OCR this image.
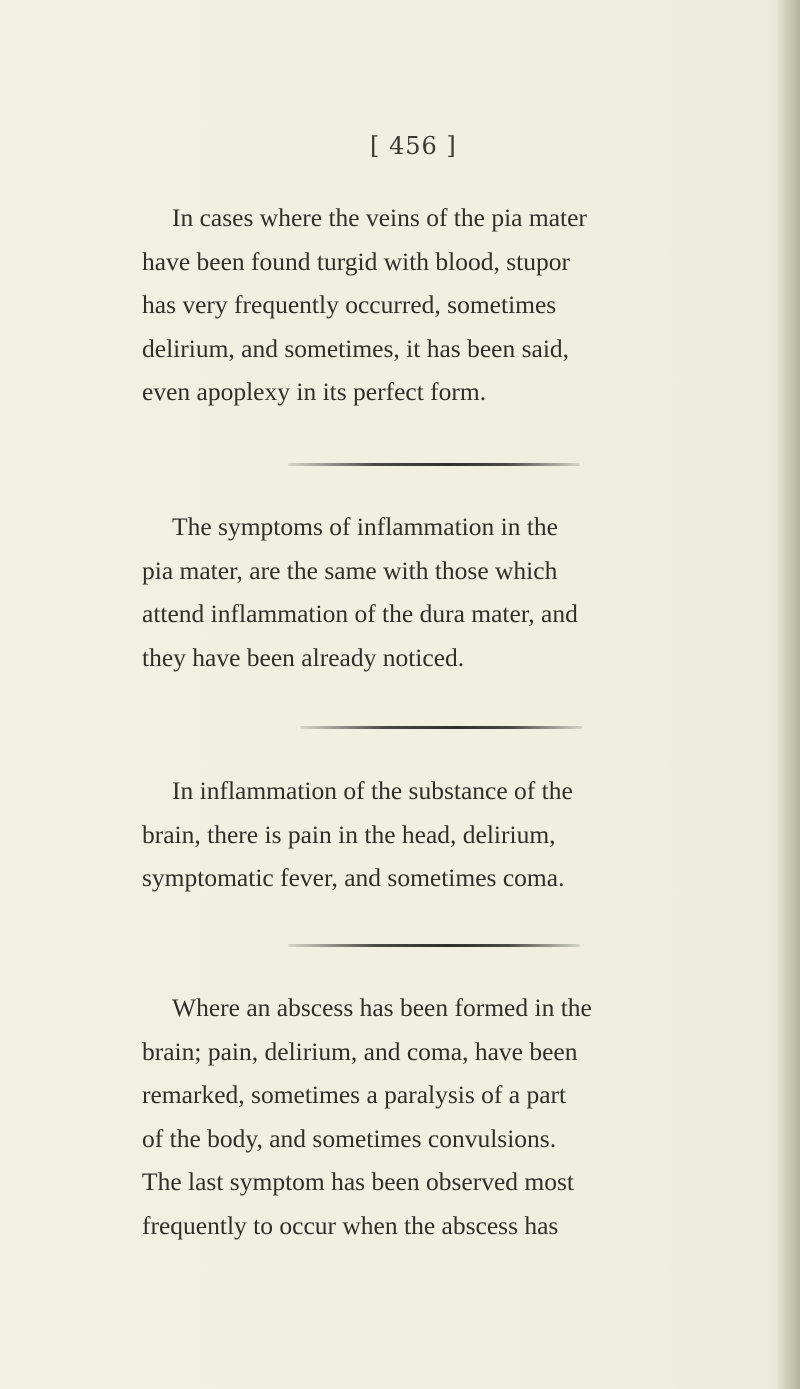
[ 456 ]
In cases where the veins of the pia mater
have been found turgid with blood, stupor
has very frequently occurred, sometimes
delirium, and sometimes, it has been said,
even apoplexy in its perfect form.
The symptoms of inflammation in the
pia mater, are the same with those which
attend inflammation of the dura mater, and
they have been already noticed.
In inflammation of the substance of the
brain, there is pain in the head, delirium,
symptomatic fever, and sometimes coma.
Where an abscess has been formed in the
brain; pain, delirium, and coma, have been
remarked, sometimes a paralysis of a part
of the body, and sometimes convulsions.
The last symptom has been observed most
frequently to occur when the abscess has
